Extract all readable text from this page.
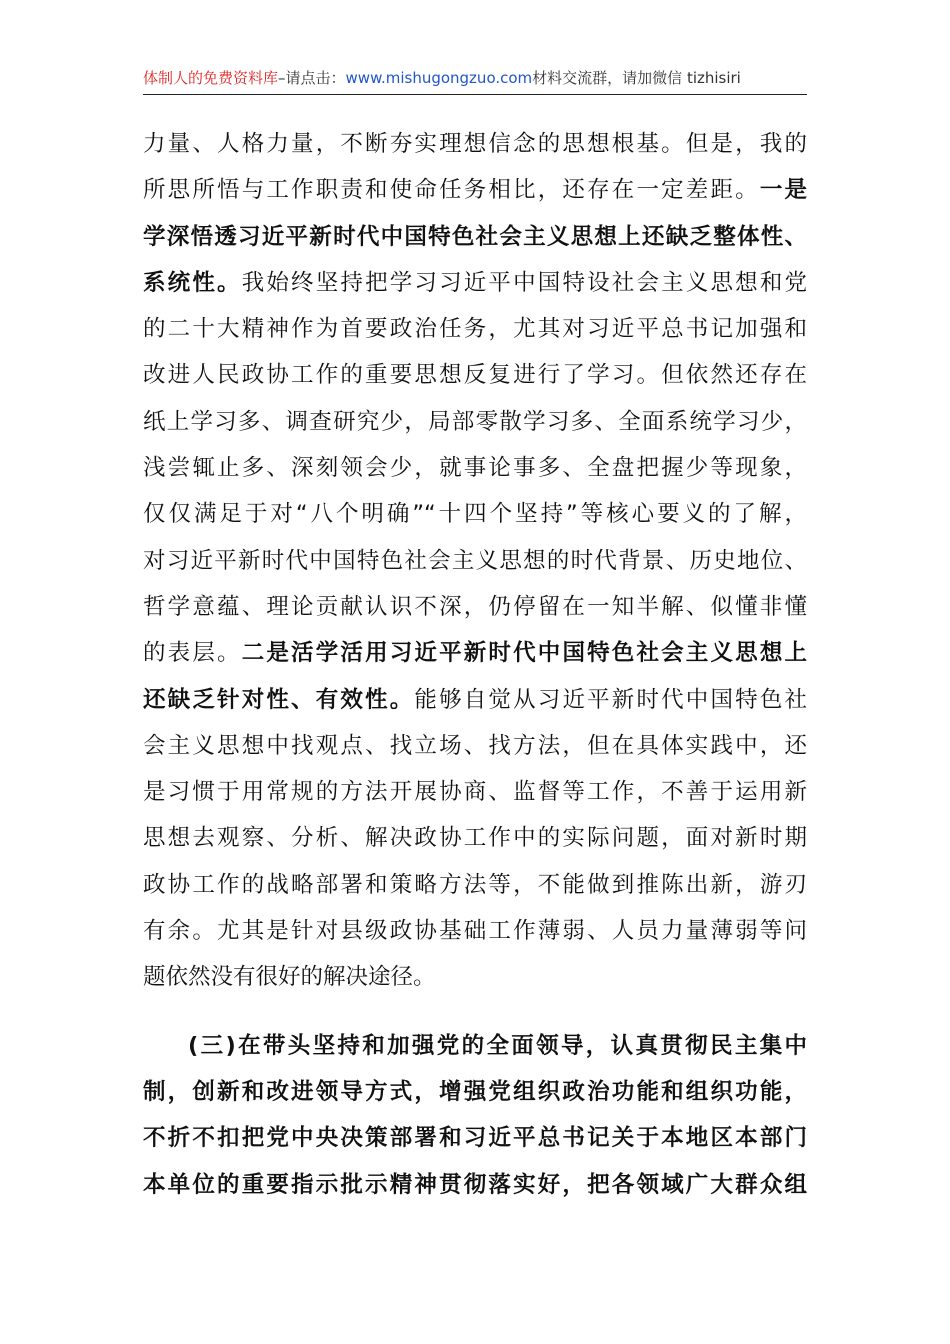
体制人的免费资料库–请点击：www.mishugongzuo.com材料交流群，请加微信 tizhisiri
力量、人格力量，不断夯实理想信念的思想根基。但是，我的
所思所悟与工作职责和使命任务相比，还存在一定差距。一是
学深悟透习近平新时代中国特色社会主义思想上还缺乏整体性、
系统性。我始终坚持把学习习近平中国特设社会主义思想和党
的二十大精神作为首要政治任务，尤其对习近平总书记加强和
改进人民政协工作的重要思想反复进行了学习。但依然还存在
纸上学习多、调查研究少，局部零散学习多、全面系统学习少，
浅尝辄止多、深刻领会少，就事论事多、全盘把握少等现象，
仅仅满足于对“八个明确”“十四个坚持”等核心要义的了解，
对习近平新时代中国特色社会主义思想的时代背景、历史地位、
哲学意蕴、理论贡献认识不深，仍停留在一知半解、似懂非懂
的表层。二是活学活用习近平新时代中国特色社会主义思想上
还缺乏针对性、有效性。能够自觉从习近平新时代中国特色社
会主义思想中找观点、找立场、找方法，但在具体实践中，还
是习惯于用常规的方法开展协商、监督等工作，不善于运用新
思想去观察、分析、解决政协工作中的实际问题，面对新时期
政协工作的战略部署和策略方法等，不能做到推陈出新，游刃
有余。尤其是针对县级政协基础工作薄弱、人员力量薄弱等问
题依然没有很好的解决途径。
(三)在带头坚持和加强党的全面领导，认真贯彻民主集中
制，创新和改进领导方式，增强党组织政治功能和组织功能，
不折不扣把党中央决策部署和习近平总书记关于本地区本部门
本单位的重要指示批示精神贯彻落实好，把各领域广大群众组
